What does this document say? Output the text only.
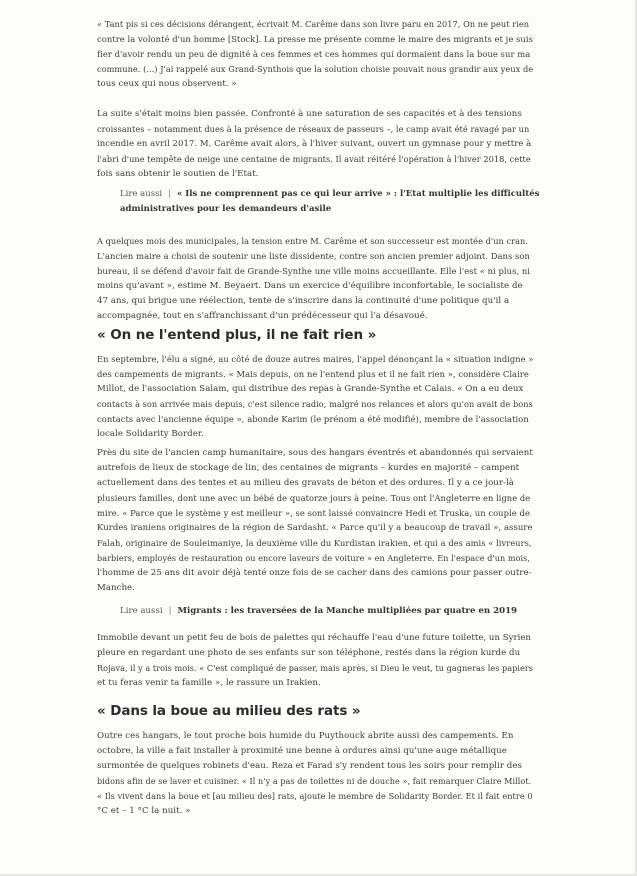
« Tant pis si ces décisions dérangent, écrivait M. Carême dans son livre paru en 2017, On ne peut rien

contre la volonté d'un homme [Stock]. La presse me présente comme le maire des migrants et je suis

fier d'avoir rendu un peu de dignité à ces femmes et ces hommes qui dormaient dans la boue sur ma

commune. (...) J'ai rappelé aux Grand-Synthois que la solution choisie pouvait nous grandir aux yeux de

tous ceux qui nous observent. »

La suite s'était moins bien passée. Confronté à une saturation de ses capacités et à des tensions

croissantes – notamment dues à la présence de réseaux de passeurs –, le camp avait été ravagé par un

incendie en avril 2017. M. Carême avait alors, à l'hiver suivant, ouvert un gymnase pour y mettre à

l'abri d'une tempête de neige une centaine de migrants. Il avait réitéré l'opération à l'hiver 2018, cette

fois sans obtenir le soutien de l'Etat.

Lire aussi | « Ils ne comprennent pas ce qui leur arrive » : l'Etat multiplie les difficultés
administratives pour les demandeurs d'asile

A quelques mois des municipales, la tension entre M. Carême et son successeur est montée d'un cran.

L'ancien maire a choisi de soutenir une liste dissidente, contre son ancien premier adjoint. Dans son

bureau, il se défend d'avoir fait de Grande-Synthe une ville moins accueillante. Elle l'est « ni plus, ni

moins qu'avant », estime M. Beyaert. Dans un exercice d'équilibre inconfortable, le socialiste de

47 ans, qui brigue une réélection, tente de s'inscrire dans la continuité d'une politique qu'il a

accompagnée, tout en s'affranchissant d'un prédécesseur qui l'a désavoué.

« On ne l'entend plus, il ne fait rien »

En septembre, l'élu a signé, au côté de douze autres maires, l'appel dénonçant la « situation indigne »

des campements de migrants. « Mais depuis, on ne l'entend plus et il ne fait rien », considère Claire

Millot, de l'association Salam, qui distribue des repas à Grande-Synthe et Calais. « On a eu deux

contacts à son arrivée mais depuis, c'est silence radio, malgré nos relances et alors qu'on avait de bons

contacts avec l'ancienne équipe », abonde Karim (le prénom a été modifié), membre de l'association

locale Solidarity Border.

Près du site de l'ancien camp humanitaire, sous des hangars éventrés et abandonnés qui servaient

autrefois de lieux de stockage de lin, des centaines de migrants – kurdes en majorité – campent

actuellement dans des tentes et au milieu des gravats de béton et des ordures. Il y a ce jour-là

plusieurs familles, dont une avec un bébé de quatorze jours à peine. Tous ont l'Angleterre en ligne de

mire. « Parce que le système y est meilleur », se sont laissé convaincre Hedi et Truska, un couple de

Kurdes iraniens originaires de la région de Sardasht. « Parce qu'il y a beaucoup de travail », assure

Falah, originaire de Souleimaniye, la deuxième ville du Kurdistan irakien, et qui a des amis « livreurs,

barbiers, employés de restauration ou encore laveurs de voiture » en Angleterre. En l'espace d'un mois,

l'homme de 25 ans dit avoir déjà tenté onze fois de se cacher dans des camions pour passer outre-

Manche.

Lire aussi | Migrants : les traversées de la Manche multipliées par quatre en 2019

Immobile devant un petit feu de bois de palettes qui réchauffe l'eau d'une future toilette, un Syrien

pleure en regardant une photo de ses enfants sur son téléphone, restés dans la région kurde du

Rojava, il y a trois mois. « C'est compliqué de passer, mais après, si Dieu le veut, tu gagneras les papiers

et tu feras venir ta famille », le rassure un Irakien.

« Dans la boue au milieu des rats »

Outre ces hangars, le tout proche bois humide du Puythouck abrite aussi des campements. En

octobre, la ville a fait installer à proximité une benne à ordures ainsi qu'une auge métallique

surmontée de quelques robinets d'eau. Reza et Farad s'y rendent tous les soirs pour remplir des

bidons afin de se laver et cuisiner. « Il n'y a pas de toilettes ni de douche », fait remarquer Claire Millot.

« Ils vivent dans la boue et [au milieu des] rats, ajoute le membre de Solidarity Border. Et il fait entre 0

°C et – 1 °C la nuit. »
